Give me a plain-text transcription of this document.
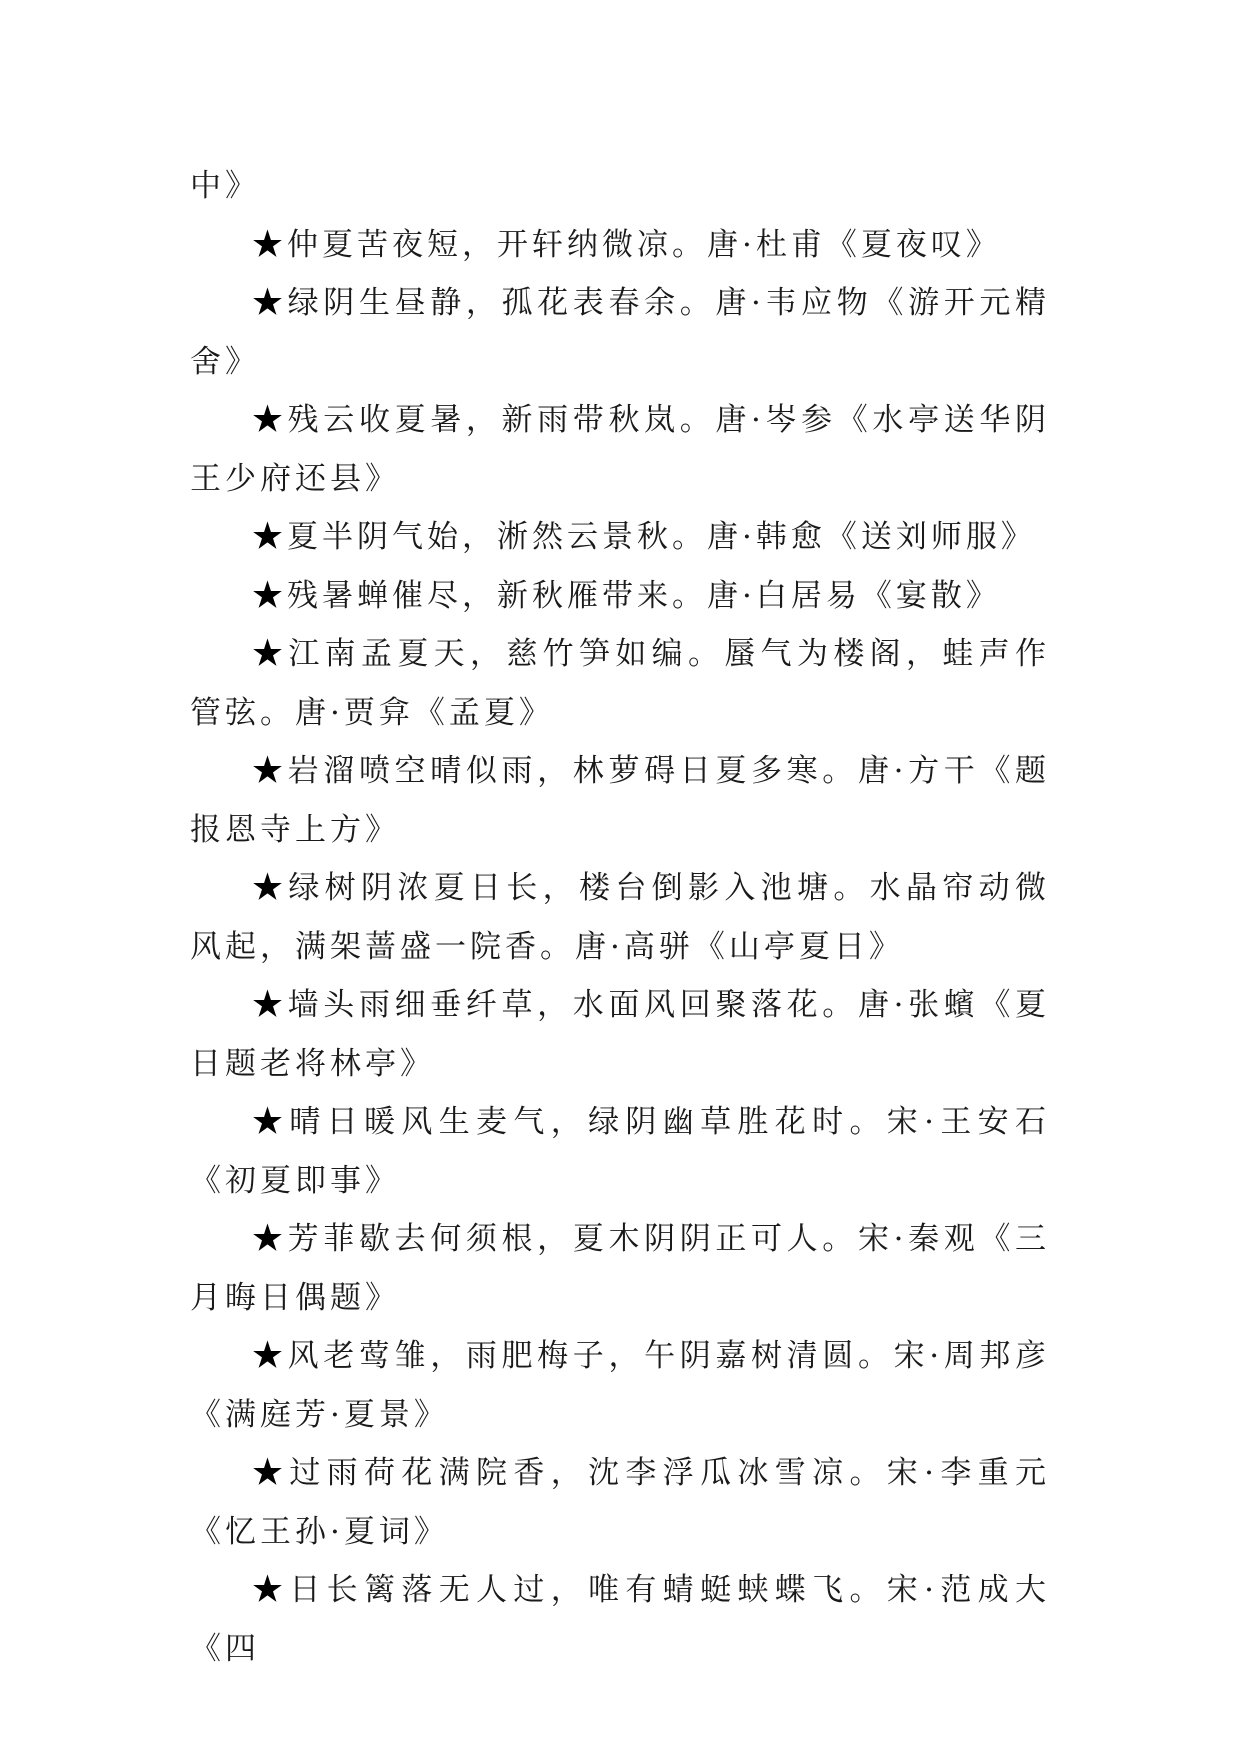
中》

★仲夏苦夜短，开轩纳微凉。唐·杜甫《夏夜叹》

★绿阴生昼静，孤花表春余。唐·韦应物《游开元精舍》

★残云收夏暑，新雨带秋岚。唐·岑参《水亭送华阴王少府还县》

★夏半阴气始，淅然云景秋。唐·韩愈《送刘师服》

★残暑蝉催尽，新秋雁带来。唐·白居易《宴散》

★江南孟夏天，慈竹笋如编。蜃气为楼阁，蛙声作管弦。唐·贾弇《孟夏》

★岩溜喷空晴似雨，林萝碍日夏多寒。唐·方干《题报恩寺上方》

★绿树阴浓夏日长，楼台倒影入池塘。水晶帘动微风起，满架蔷盛一院香。唐·高骈《山亭夏日》

★墙头雨细垂纤草，水面风回聚落花。唐·张蠙《夏日题老将林亭》

★晴日暖风生麦气，绿阴幽草胜花时。宋·王安石《初夏即事》

★芳菲歇去何须根，夏木阴阴正可人。宋·秦观《三月晦日偶题》

★风老莺雏，雨肥梅子，午阴嘉树清圆。宋·周邦彦《满庭芳·夏景》

★过雨荷花满院香，沈李浮瓜冰雪凉。宋·李重元《忆王孙·夏词》

★日长篱落无人过，唯有蜻蜓蛱蝶飞。宋·范成大《四
